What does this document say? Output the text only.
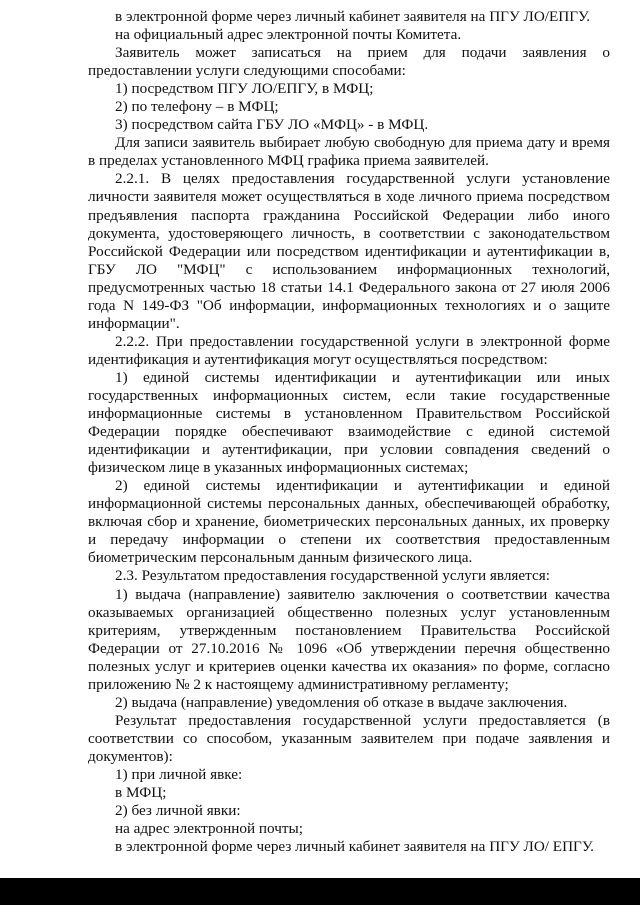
в электронной форме через личный кабинет заявителя на ПГУ ЛО/ЕПГУ.

на официальный адрес электронной почты Комитета.

Заявитель может записаться на прием для подачи заявления о предоставлении услуги следующими способами:

1) посредством ПГУ ЛО/ЕПГУ, в МФЦ;

2) по телефону – в МФЦ;

3) посредством сайта ГБУ ЛО «МФЦ» - в МФЦ.

Для записи заявитель выбирает любую свободную для приема дату и время в пределах установленного МФЦ графика приема заявителей.

2.2.1. В целях предоставления государственной услуги установление личности заявителя может осуществляться в ходе личного приема посредством предъявления паспорта гражданина Российской Федерации либо иного документа, удостоверяющего личность, в соответствии с законодательством Российской Федерации или посредством идентификации и аутентификации в, ГБУ ЛО "МФЦ" с использованием информационных технологий, предусмотренных частью 18 статьи 14.1 Федерального закона от 27 июля 2006 года N 149-ФЗ "Об информации, информационных технологиях и о защите информации".

2.2.2. При предоставлении государственной услуги в электронной форме идентификация и аутентификация могут осуществляться посредством:

1) единой системы идентификации и аутентификации или иных государственных информационных систем, если такие государственные информационные системы в установленном Правительством Российской Федерации порядке обеспечивают взаимодействие с единой системой идентификации и аутентификации, при условии совпадения сведений о физическом лице в указанных информационных системах;

2) единой системы идентификации и аутентификации и единой информационной системы персональных данных, обеспечивающей обработку, включая сбор и хранение, биометрических персональных данных, их проверку и передачу информации о степени их соответствия предоставленным биометрическим персональным данным физического лица.

2.3. Результатом предоставления государственной услуги является:

1) выдача (направление) заявителю заключения о соответствии качества оказываемых организацией общественно полезных услуг установленным критериям, утвержденным постановлением Правительства Российской Федерации от 27.10.2016 № 1096 «Об утверждении перечня общественно полезных услуг и критериев оценки качества их оказания» по форме, согласно приложению № 2 к настоящему административному регламенту;

2) выдача (направление) уведомления об отказе в выдаче заключения.

Результат предоставления государственной услуги предоставляется (в соответствии со способом, указанным заявителем при подаче заявления и документов):

1) при личной явке:

в МФЦ;

2) без личной явки:

на адрес электронной почты;

в электронной форме через личный кабинет заявителя на ПГУ ЛО/ ЕПГУ.
